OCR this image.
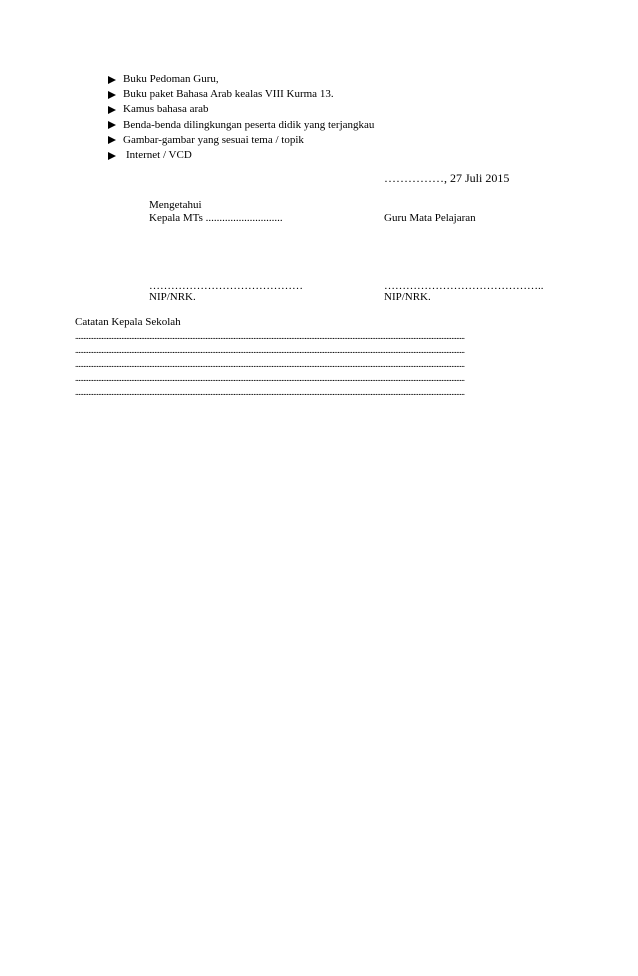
Buku Pedoman Guru,
Buku paket Bahasa Arab kealas VIII Kurma 13.
Kamus bahasa arab
Benda-benda dilingkungan peserta didik yang terjangkau
Gambar-gambar yang sesuai tema / topik
Internet / VCD
……………, 27 Juli 2015
Mengetahui
Kepala MTs ............................	Guru Mata Pelajaran
……………………………………
NIP/NRK.
……………………………………..
NIP/NRK.
Catatan Kepala Sekolah
............................................................................................................................................................................................................................................
............................................................................................................................................................................................................................................
............................................................................................................................................................................................................................................
............................................................................................................................................................................................................................................
............................................................................................................................................................................................................................................
